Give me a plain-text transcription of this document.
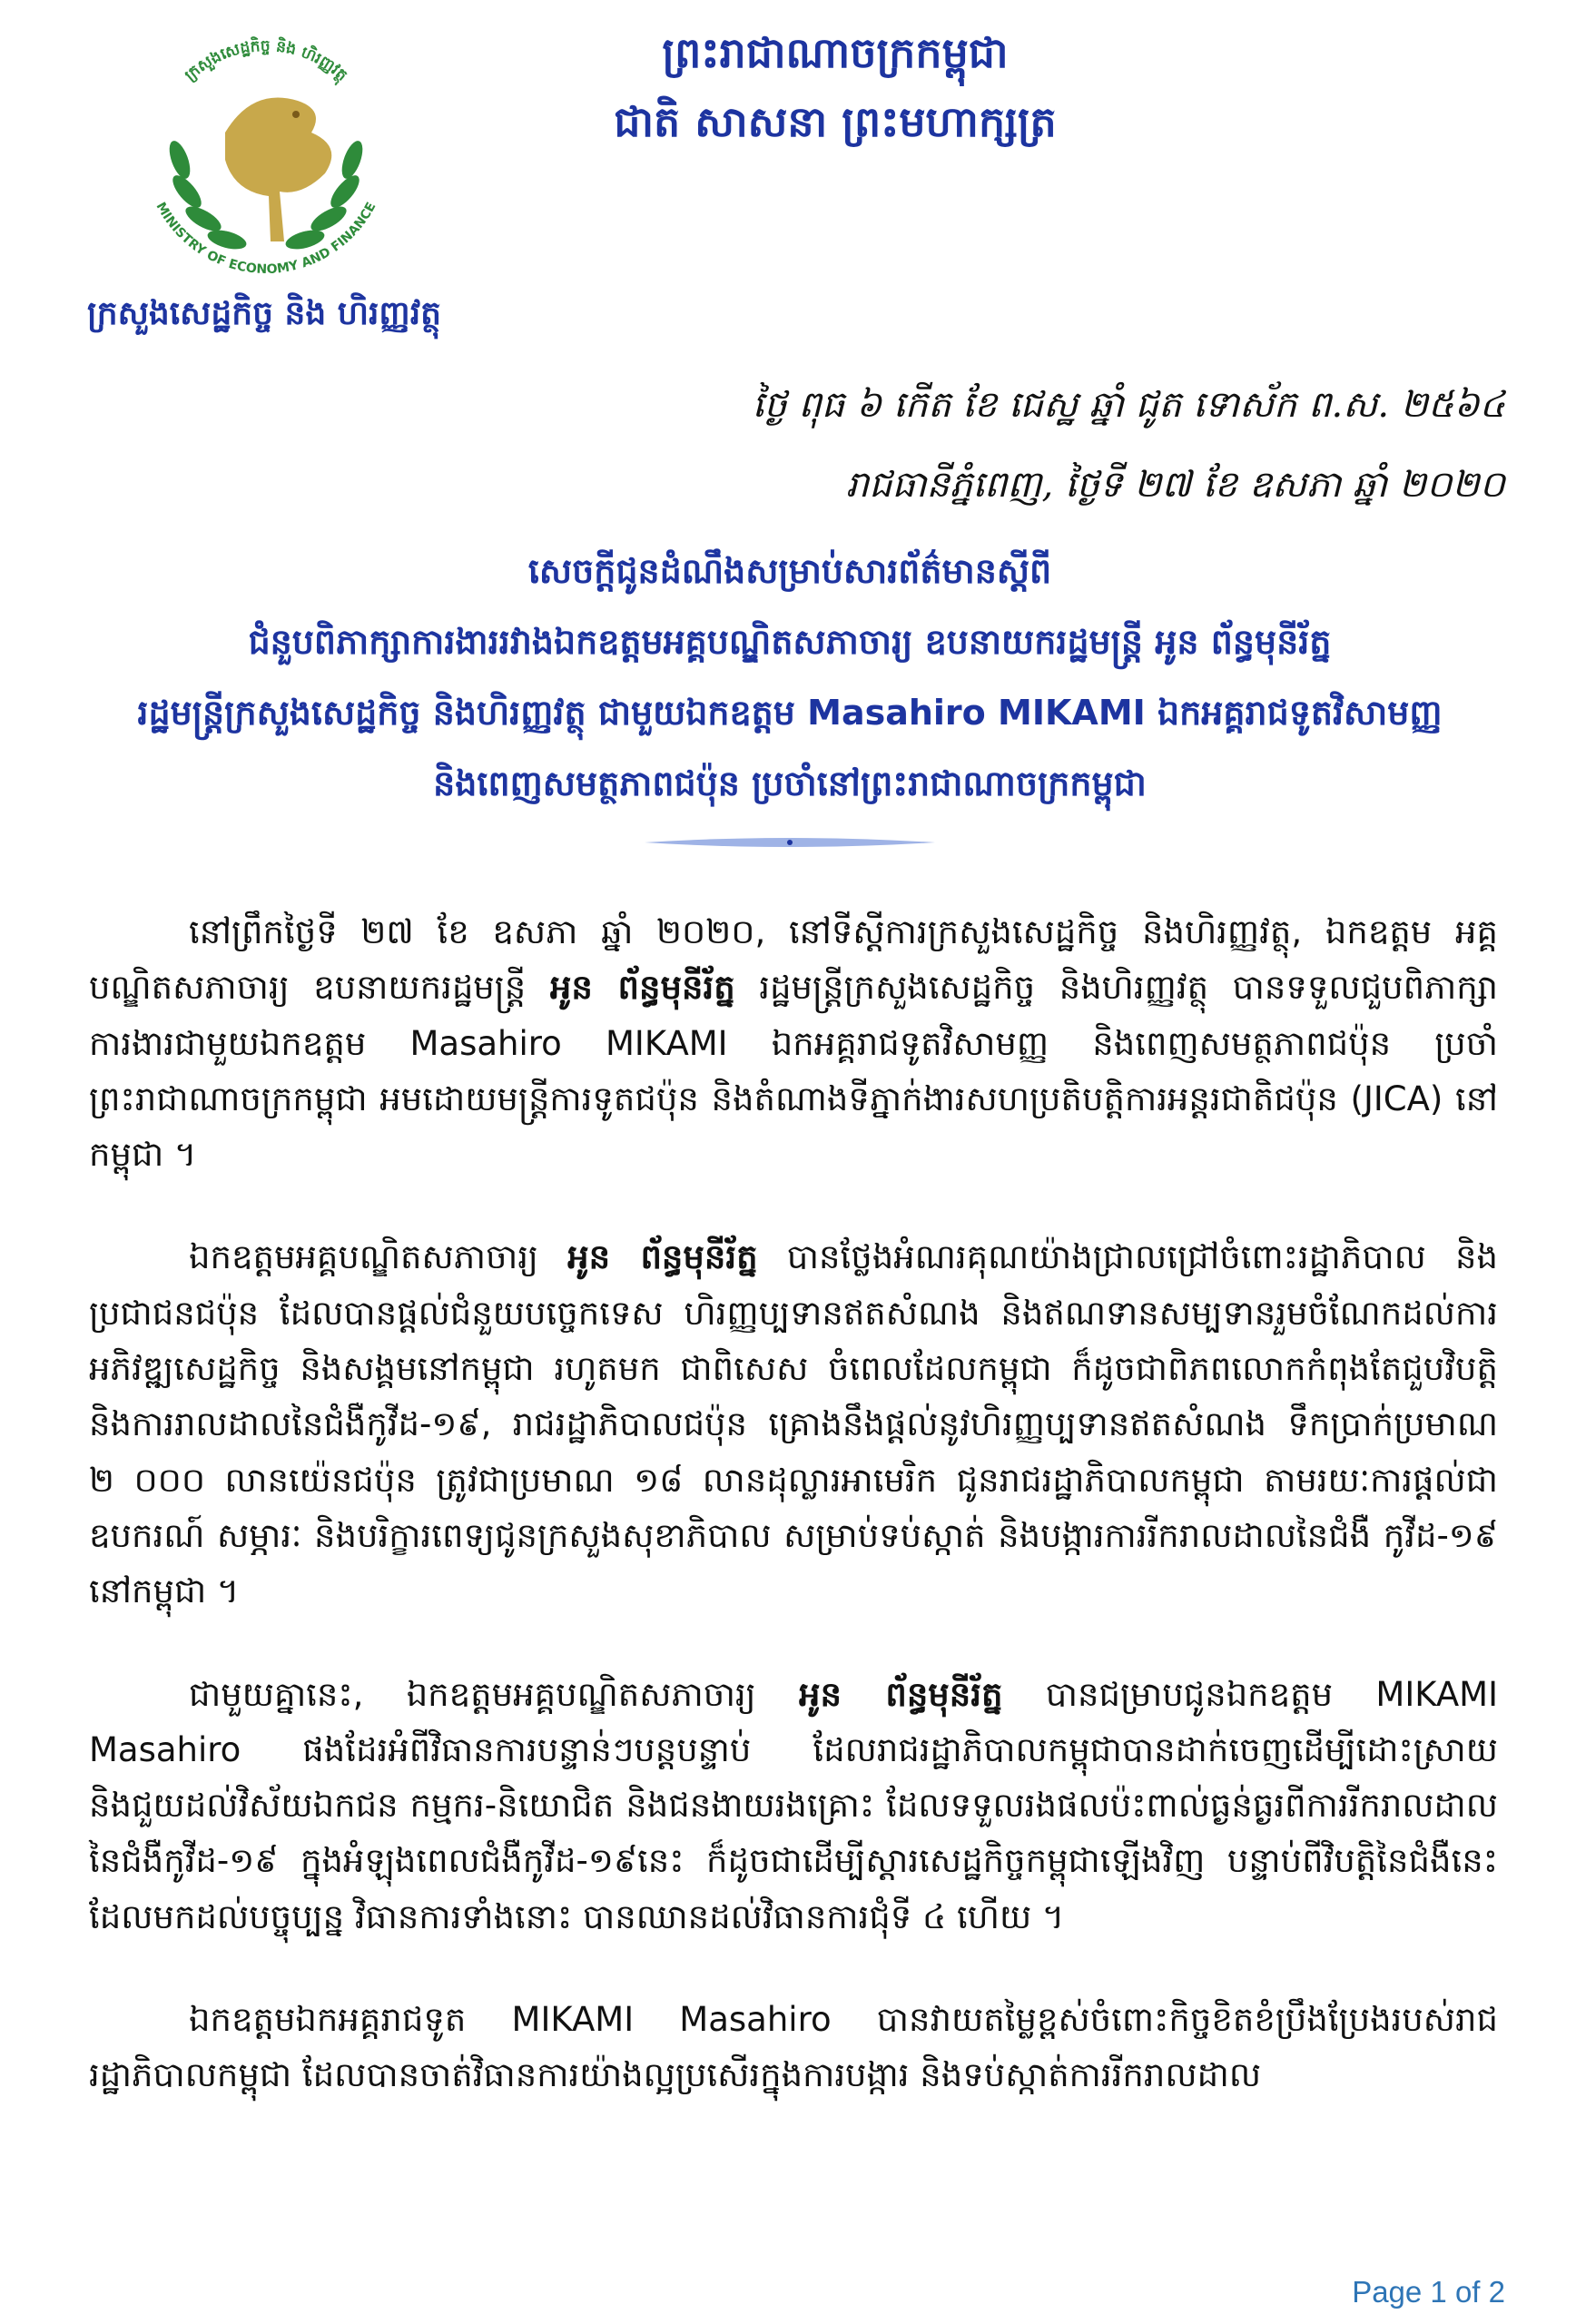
ក្រសួងសេដ្ឋកិច្ច និង ហិរញ្ញវត្ថុ
MINISTRY OF ECONOMY AND FINANCE
ក្រសួងសេដ្ឋកិច្ច និង ហិរញ្ញវត្ថុ
ព្រះរាជាណាចក្រកម្ពុជា
ជាតិ សាសនា ព្រះមហាក្សត្រ
ថ្ងៃ ពុធ ៦ កើត ខែ ជេស្ឋ ឆ្នាំ ជូត ទោស័ក ព.ស. ២៥៦៤
រាជធានីភ្នំពេញ, ថ្ងៃទី ២៧ ខែ ឧសភា ឆ្នាំ ២០២០
សេចក្តីជូនដំណឹងសម្រាប់សារព័ត៌មានស្តីពី
ជំនួបពិភាក្សាការងាររវាងឯកឧត្តមអគ្គបណ្ឌិតសភាចារ្យ ឧបនាយករដ្ឋមន្ត្រី អូន ព័ន្ធមុនីរ័ត្ន
រដ្ឋមន្ត្រីក្រសួងសេដ្ឋកិច្ច និងហិរញ្ញវត្ថុ ជាមួយឯកឧត្តម Masahiro MIKAMI ឯកអគ្គរាជទូតវិសាមញ្ញ
និងពេញសមត្ថភាពជប៉ុន ប្រចាំនៅព្រះរាជាណាចក្រកម្ពុជា

នៅព្រឹកថ្ងៃទី ២៧ ខែ ឧសភា ឆ្នាំ ២០២០, នៅទីស្តីការក្រសួងសេដ្ឋកិច្ច និងហិរញ្ញវត្ថុ, ឯកឧត្តម អគ្គបណ្ឌិតសភាចារ្យ ឧបនាយករដ្ឋមន្ត្រី អូន ព័ន្ធមុនីរ័ត្ន រដ្ឋមន្ត្រីក្រសួងសេដ្ឋកិច្ច និងហិរញ្ញវត្ថុ បានទទួលជួបពិភាក្សាការងារជាមួយឯកឧត្តម Masahiro MIKAMI ឯកអគ្គរាជទូតវិសាមញ្ញ និងពេញសមត្ថភាពជប៉ុន ប្រចាំព្រះរាជាណាចក្រកម្ពុជា អមដោយមន្ត្រីការទូតជប៉ុន និងតំណាងទីភ្នាក់ងារសហប្រតិបត្តិការអន្តរជាតិជប៉ុន (JICA) នៅកម្ពុជា ។

ឯកឧត្តមអគ្គបណ្ឌិតសភាចារ្យ អូន ព័ន្ធមុនីរ័ត្ន បានថ្លែងអំណរគុណយ៉ាងជ្រាលជ្រៅចំពោះរដ្ឋាភិបាល និងប្រជាជនជប៉ុន ដែលបានផ្តល់ជំនួយបច្ចេកទេស ហិរញ្ញប្បទានឥតសំណង និងឥណទានសម្បទានរួមចំណែកដល់ការអភិវឌ្ឍសេដ្ឋកិច្ច និងសង្គមនៅកម្ពុជា រហូតមក ជាពិសេស ចំពេលដែលកម្ពុជា ក៏ដូចជាពិភពលោកកំពុងតែជួបវិបត្តិ និងការរាលដាលនៃជំងឺកូវីដ-១៩, រាជរដ្ឋាភិបាលជប៉ុន គ្រោងនឹងផ្តល់នូវហិរញ្ញប្បទានឥតសំណង ទឹកប្រាក់ប្រមាណ ២ ០០០ លានយ៉េនជប៉ុន ត្រូវជាប្រមាណ ១៨ លានដុល្លារអាមេរិក ជូនរាជរដ្ឋាភិបាលកម្ពុជា តាមរយៈការផ្តល់ជាឧបករណ៍ សម្ភារៈ និងបរិក្ខារពេទ្យជូនក្រសួងសុខាភិបាល សម្រាប់ទប់ស្កាត់ និងបង្ការការរីករាលដាលនៃជំងឺ កូវីដ-១៩ នៅកម្ពុជា ។

ជាមួយគ្នានេះ, ឯកឧត្តមអគ្គបណ្ឌិតសភាចារ្យ អូន ព័ន្ធមុនីរ័ត្ន បានជម្រាបជូនឯកឧត្តម MIKAMI Masahiro ផងដែរអំពីវិធានការបន្ទាន់ៗបន្តបន្ទាប់ ដែលរាជរដ្ឋាភិបាលកម្ពុជាបានដាក់ចេញដើម្បីដោះស្រាយ និងជួយដល់វិស័យឯកជន កម្មករ-និយោជិត និងជនងាយរងគ្រោះ ដែលទទួលរងផលប៉ះពាល់ធ្ងន់ធ្ងរពីការរីករាលដាលនៃជំងឺកូវីដ-១៩ ក្នុងអំឡុងពេលជំងឺកូវីដ-១៩នេះ ក៏ដូចជាដើម្បីស្តារសេដ្ឋកិច្ចកម្ពុជាឡើងវិញ បន្ទាប់ពីវិបត្តិនៃជំងឺនេះ ដែលមកដល់បច្ចុប្បន្ន វិធានការទាំងនោះ បានឈានដល់វិធានការជុំទី ៤ ហើយ ។

ឯកឧត្តមឯកអគ្គរាជទូត MIKAMI Masahiro បានវាយតម្លៃខ្ពស់ចំពោះកិច្ចខិតខំប្រឹងប្រែងរបស់រាជរដ្ឋាភិបាលកម្ពុជា ដែលបានចាត់វិធានការយ៉ាងល្អប្រសើរក្នុងការបង្ការ និងទប់ស្កាត់ការរីករាលដាល

Page 1 of 2
